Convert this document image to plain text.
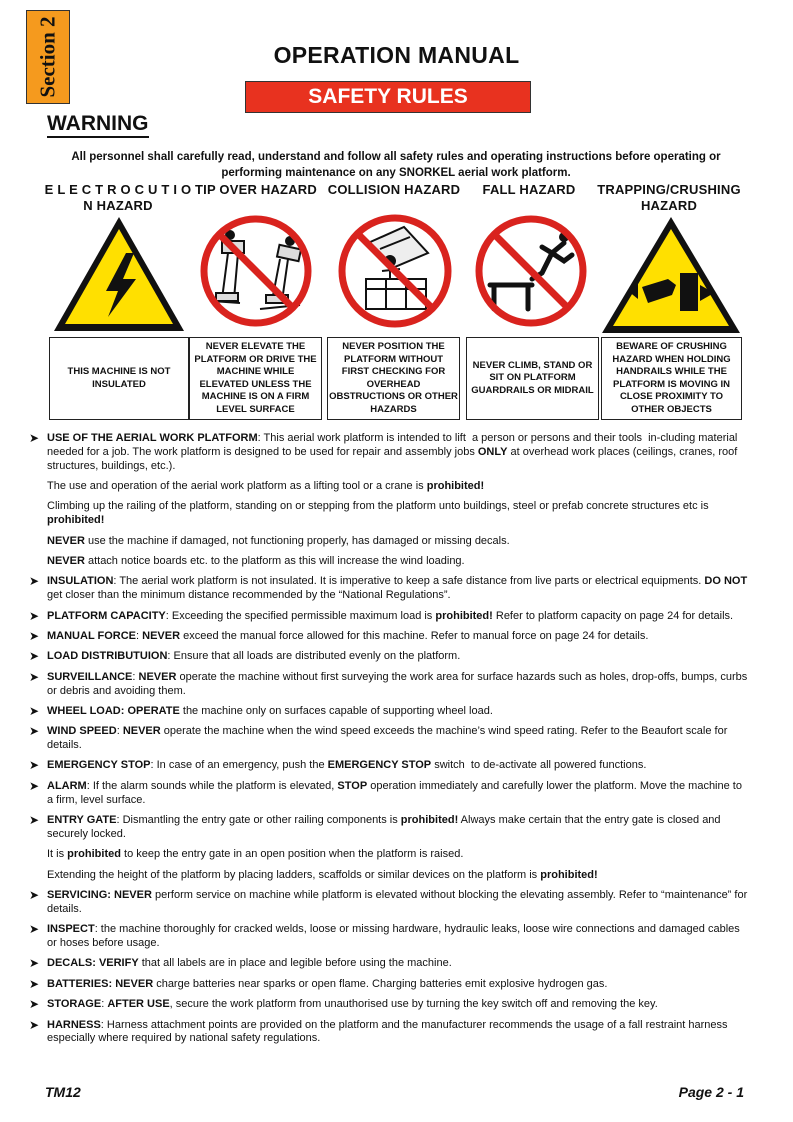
Section 2	OPERATION MANUAL
SAFETY RULES
WARNING
All personnel shall carefully read, understand and follow all safety rules and operating instructions before operating or performing maintenance on any SNORKEL aerial work platform.
E L E C T R O C U T I O N HAZARD
TIP OVER HAZARD COLLISION HAZARD	FALL HAZARD	TRAPPING/CRUSHING HAZARD
THIS MACHINE IS NOT INSULATED
NEVER ELEVATE THE PLATFORM OR DRIVE THE MACHINE WHILE ELEVATED UNLESS THE MACHINE IS ON A FIRM LEVEL SURFACE
NEVER POSITION THE PLATFORM WITHOUT FIRST CHECKING FOR OVERHEAD OBSTRUCTIONS OR OTHER HAZARDS
NEVER CLIMB, STAND OR SIT ON PLATFORM GUARDRAILS OR MIDRAIL
BEWARE OF CRUSHING HAZARD WHEN HOLDING HANDRAILS WHILE THE PLATFORM IS MOVING IN CLOSE PROXIMITY TO OTHER OBJECTS
➤ USE OF THE AERIAL WORK PLATFORM: This aerial work platform is intended to lift  a person or persons and their tools  in-cluding material needed for a job. The work platform is designed to be used for repair and assembly jobs ONLY at overhead work places (ceilings, cranes, roof structures, buildings, etc.).
The use and operation of the aerial work platform as a lifting tool or a crane is prohibited!
Climbing up the railing of the platform, standing on or stepping from the platform unto buildings, steel or prefab concrete structures etc is prohibited!
NEVER use the machine if damaged, not functioning properly, has damaged or missing decals.
NEVER attach notice boards etc. to the platform as this will increase the wind loading.
➤ INSULATION: The aerial work platform is not insulated. It is imperative to keep a safe distance from live parts or electrical equipments. DO NOT get closer than the minimum distance recommended by the “National Regulations”.
➤ PLATFORM CAPACITY: Exceeding the specified permissible maximum load is prohibited! Refer to platform capacity on page 24 for details.
➤ MANUAL FORCE: NEVER exceed the manual force allowed for this machine. Refer to manual force on page 24 for details.
➤ LOAD DISTRIBUTUION: Ensure that all loads are distributed evenly on the platform.
➤ SURVEILLANCE: NEVER operate the machine without first surveying the work area for surface hazards such as holes, drop-offs, bumps, curbs or debris and avoiding them.
➤ WHEEL LOAD: OPERATE the machine only on surfaces capable of supporting wheel load.
➤ WIND SPEED: NEVER operate the machine when the wind speed exceeds the machine’s wind speed rating. Refer to the Beaufort scale for details.
➤ EMERGENCY STOP: In case of an emergency, push the EMERGENCY STOP switch  to de-activate all powered functions.
➤ ALARM: If the alarm sounds while the platform is elevated, STOP operation immediately and carefully lower the platform. Move the machine to a firm, level surface.
➤ ENTRY GATE: Dismantling the entry gate or other railing components is prohibited! Always make certain that the entry gate is closed and securely locked.
It is prohibited to keep the entry gate in an open position when the platform is raised.
Extending the height of the platform by placing ladders, scaffolds or similar devices on the platform is prohibited!
➤ SERVICING: NEVER perform service on machine while platform is elevated without blocking the elevating assembly. Refer to “maintenance” for details.
➤ INSPECT: the machine thoroughly for cracked welds, loose or missing hardware, hydraulic leaks, loose wire connections and damaged cables or hoses before usage.
➤ DECALS: VERIFY that all labels are in place and legible before using the machine.
➤ BATTERIES: NEVER charge batteries near sparks or open flame. Charging batteries emit explosive hydrogen gas.
➤ STORAGE: AFTER USE, secure the work platform from unauthorised use by turning the key switch off and removing the key.
➤ HARNESS: Harness attachment points are provided on the platform and the manufacturer recommends the usage of a fall restraint harness especially where required by national safety regulations.
TM12	Page 2 - 1
